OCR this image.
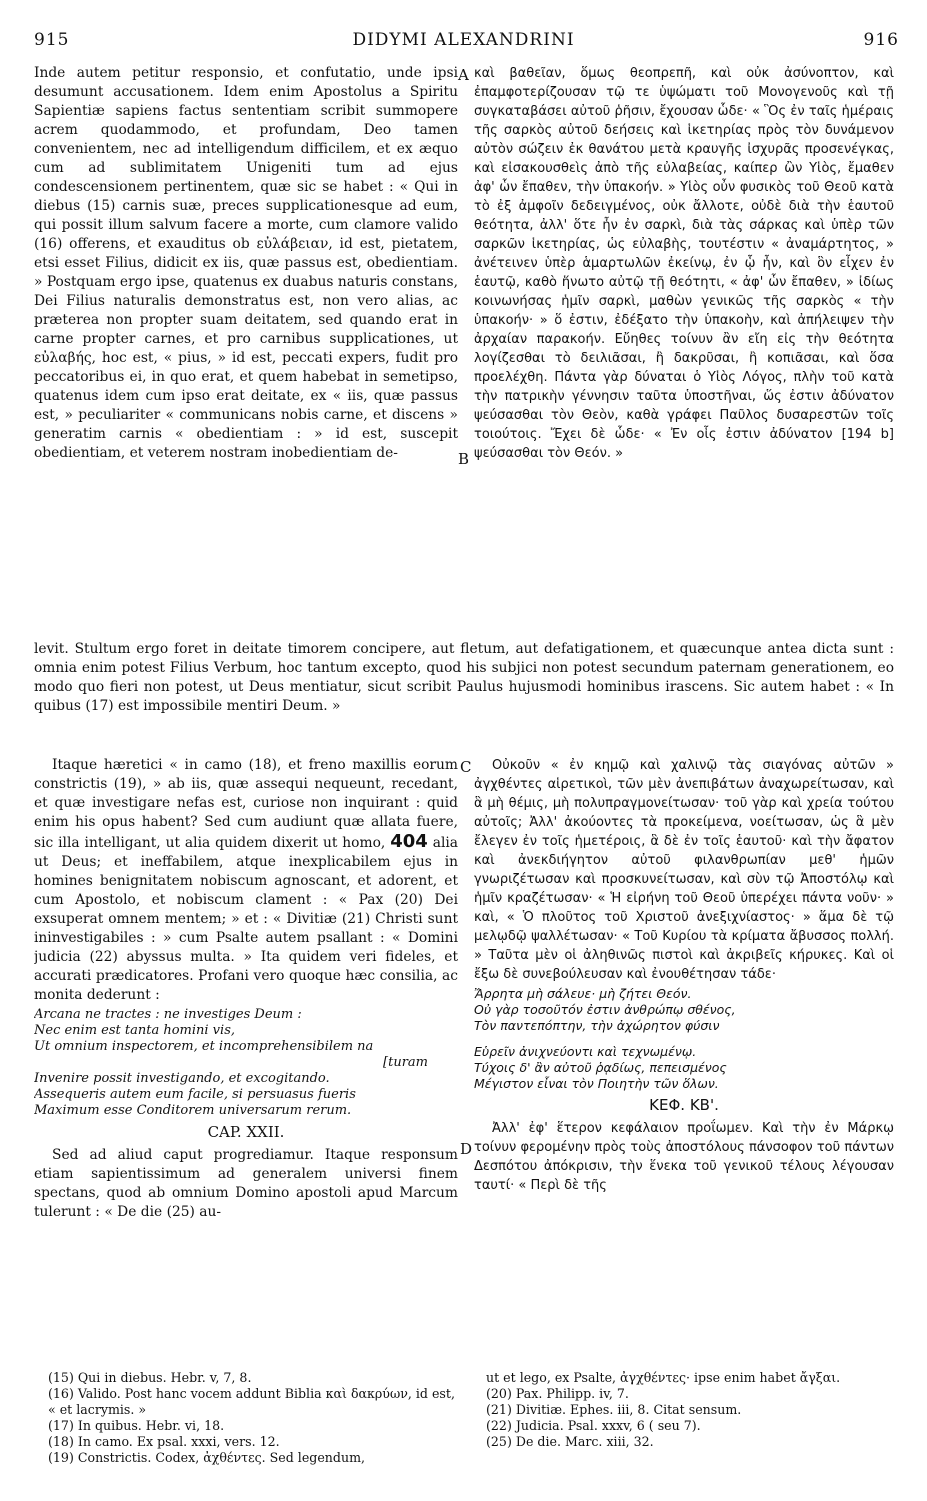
915	DIDYMI ALEXANDRINI	916
A
B
C
D

Inde autem petitur responsio, et confutatio, unde ipsi desumunt accusationem. Idem enim Apostolus a Spiritu Sapientiæ sapiens factus sententiam scribit summopere acrem quodammodo, et profundam, Deo tamen convenientem, nec ad intelligendum difficilem, et ex æquo cum ad sublimitatem Unigeniti tum ad ejus condescensionem pertinentem, quæ sic se habet : « Qui in diebus (15) carnis suæ, preces supplicationesque ad eum, qui possit illum salvum facere a morte, cum clamore valido (16) offerens, et exauditus ob εὐλάβειαν, id est, pietatem, etsi esset Filius, didicit ex iis, quæ passus est, obedientiam. » Postquam ergo ipse, quatenus ex duabus naturis constans, Dei Filius naturalis demonstratus est, non vero alias, ac præterea non propter suam deitatem, sed quando erat in carne propter carnes, et pro carnibus supplicationes, ut εὐλαβής, hoc est, « pius, » id est, peccati expers, fudit pro peccatoribus ei, in quo erat, et quem habebat in semetipso, quatenus idem cum ipso erat deitate, ex « iis, quæ passus est, » peculiariter « communicans nobis carne, et discens » generatim carnis « obedientiam : » id est, suscepit obedientiam, et veterem nostram inobedientiam de-

καὶ βαθεῖαν, ὅμως θεοπρεπῆ, καὶ οὐκ ἀσύνοπτον, καὶ ἐπαμφοτερίζουσαν τῷ τε ὑψώματι τοῦ Μονογενοῦς καὶ τῇ συγκαταβάσει αὐτοῦ ῥῆσιν, ἔχουσαν ὧδε· « Ὃς ἐν ταῖς ἡμέραις τῆς σαρκὸς αὐτοῦ δεήσεις καὶ ἱκετηρίας πρὸς τὸν δυνάμενον αὐτὸν σώζειν ἐκ θανάτου μετὰ κραυγῆς ἰσχυρᾶς προσενέγκας, καὶ εἰσακουσθεὶς ἀπὸ τῆς εὐλαβείας, καίπερ ὢν Υἱὸς, ἔμαθεν ἀφ' ὧν ἔπαθεν, τὴν ὑπακοήν. » Υἱὸς οὖν φυσικὸς τοῦ Θεοῦ κατὰ τὸ ἐξ ἀμφοῖν δεδειγμένος, οὐκ ἄλλοτε, οὐδὲ διὰ τὴν ἑαυτοῦ θεότητα, ἀλλ' ὅτε ἦν ἐν σαρκὶ, διὰ τὰς σάρκας καὶ ὑπὲρ τῶν σαρκῶν ἱκετηρίας, ὡς εὐλαβὴς, τουτέστιν « ἀναμάρτητος, » ἀνέτεινεν ὑπὲρ ἁμαρτωλῶν ἐκείνῳ, ἐν ᾧ ἦν, καὶ ὃν εἶχεν ἐν ἑαυτῷ, καθὸ ἥνωτο αὐτῷ τῇ θεότητι, « ἀφ' ὧν ἔπαθεν, » ἰδίως κοινωνήσας ἡμῖν σαρκὶ, μαθὼν γενικῶς τῆς σαρκὸς « τὴν ὑπακοήν· » ὅ ἐστιν, ἐδέξατο τὴν ὑπακοὴν, καὶ ἀπήλειψεν τὴν ἀρχαίαν παρακοήν. Εὔηθες τοίνυν ἂν εἴη εἰς τὴν θεότητα λογίζεσθαι τὸ δειλιᾶσαι, ἢ δακρῦσαι, ἢ κοπιᾶσαι, καὶ ὅσα προελέχθη. Πάντα γὰρ δύναται ὁ Υἱὸς Λόγος, πλὴν τοῦ κατὰ τὴν πατρικὴν γέννησιν ταῦτα ὑποστῆναι, ὥς ἐστιν ἀδύνατον ψεύσασθαι τὸν Θεὸν, καθὰ γράφει Παῦλος δυσαρεστῶν τοῖς τοιούτοις. Ἔχει δὲ ὧδε· « Ἐν οἷς ἐστιν ἀδύνατον [194 b] ψεύσασθαι τὸν Θεόν. »

levit. Stultum ergo foret in deitate timorem concipere, aut fletum, aut defatigationem, et quæcunque antea dicta sunt : omnia enim potest Filius Verbum, hoc tantum excepto, quod his subjici non potest secundum paternam generationem, eo modo quo fieri non potest, ut Deus mentiatur, sicut scribit Paulus hujusmodi hominibus irascens. Sic autem habet : « In quibus (17) est impossibile mentiri Deum. »

Itaque hæretici « in camo (18), et freno maxillis eorum constrictis (19), » ab iis, quæ assequi nequeunt, recedant, et quæ investigare nefas est, curiose non inquirant : quid enim his opus habent? Sed cum audiunt quæ allata fuere, sic illa intelligant, ut alia quidem dixerit ut homo, 404 alia ut Deus; et ineffabilem, atque inexplicabilem ejus in homines benignitatem nobiscum agnoscant, et adorent, et cum Apostolo, et nobiscum clament : « Pax (20) Dei exsuperat omnem mentem; » et : « Divitiæ (21) Christi sunt ininvestigabiles : » cum Psalte autem psallant : « Domini judicia (22) abyssus multa. » Ita quidem veri fideles, et accurati prædicatores. Profani vero quoque hæc consilia, ac monita dederunt :

Arcana ne tractes : ne investiges Deum :
Nec enim est tanta homini vis,
Ut omnium inspectorem, et incomprehensibilem na
[turam
Invenire possit investigando, et excogitando.
Assequeris autem eum facile, si persuasus fueris
Maximum esse Conditorem universarum rerum.
CAP. XXII.

Sed ad aliud caput progrediamur. Itaque responsum etiam sapientissimum ad generalem universi finem spectans, quod ab omnium Domino apostoli apud Marcum tulerunt : « De die (25) au-

Οὐκοῦν « ἐν κημῷ καὶ χαλινῷ τὰς σιαγόνας αὐτῶν » ἀγχθέντες αἱρετικοὶ, τῶν μὲν ἀνεπιβάτων ἀναχωρείτωσαν, καὶ ἃ μὴ θέμις, μὴ πολυπραγμονείτωσαν· τοῦ γὰρ καὶ χρεία τούτου αὐτοῖς; Ἀλλ' ἀκούοντες τὰ προκείμενα, νοείτωσαν, ὡς ἃ μὲν ἔλεγεν ἐν τοῖς ἡμετέροις, ἃ δὲ ἐν τοῖς ἑαυτοῦ· καὶ τὴν ἄφατον καὶ ἀνεκδιήγητον αὐτοῦ φιλανθρωπίαν μεθ' ἡμῶν γνωριζέτωσαν καὶ προσκυνείτωσαν, καὶ σὺν τῷ Ἀποστόλῳ καὶ ἡμῖν κραζέτωσαν· « Ἡ εἰρήνη τοῦ Θεοῦ ὑπερέχει πάντα νοῦν· » καὶ, « Ὁ πλοῦτος τοῦ Χριστοῦ ἀνεξιχνίαστος· » ἅμα δὲ τῷ μελῳδῷ ψαλλέτωσαν· « Τοῦ Κυρίου τὰ κρίματα ἄβυσσος πολλή. » Ταῦτα μὲν οἱ ἀληθινῶς πιστοὶ καὶ ἀκριβεῖς κήρυκες. Καὶ οἱ ἔξω δὲ συνεβούλευσαν καὶ ἐνουθέτησαν τάδε·

Ἄρρητα μὴ σάλευε· μὴ ζήτει Θεόν.
Οὐ γὰρ τοσοῦτόν ἐστιν ἀνθρώπῳ σθένος,
Τὸν παντεπόπτην, τὴν ἀχώρητον φύσιν
Εὑρεῖν ἀνιχνεύοντι καὶ τεχνωμένῳ.
Τύχοις δ' ἂν αὐτοῦ ῥᾳδίως, πεπεισμένος
Μέγιστον εἶναι τὸν Ποιητὴν τῶν ὅλων.
ΚΕΦ. ΚΒ'.

Ἀλλ' ἐφ' ἕτερον κεφάλαιον προΐωμεν. Καὶ τὴν ἐν Μάρκῳ τοίνυν φερομένην πρὸς τοὺς ἀποστόλους πάνσοφον τοῦ πάντων Δεσπότου ἀπόκρισιν, τὴν ἕνεκα τοῦ γενικοῦ τέλους λέγουσαν ταυτί· « Περὶ δὲ τῆς

(15) Qui in diebus. Hebr. v, 7, 8.
(16) Valido. Post hanc vocem addunt Biblia καὶ δακρύων, id est, « et lacrymis. »
(17) In quibus. Hebr. vi, 18.
(18) In camo. Ex psal. xxxi, vers. 12.
(19) Constrictis. Codex, ἀχθέντες. Sed legendum,
ut et lego, ex Psalte, ἀγχθέντες· ipse enim habet ἄγξαι.
(20) Pax. Philipp. iv, 7.
(21) Divitiæ. Ephes. iii, 8. Citat sensum.
(22) Judicia. Psal. xxxv, 6 ( seu 7).
(25) De die. Marc. xiii, 32.
